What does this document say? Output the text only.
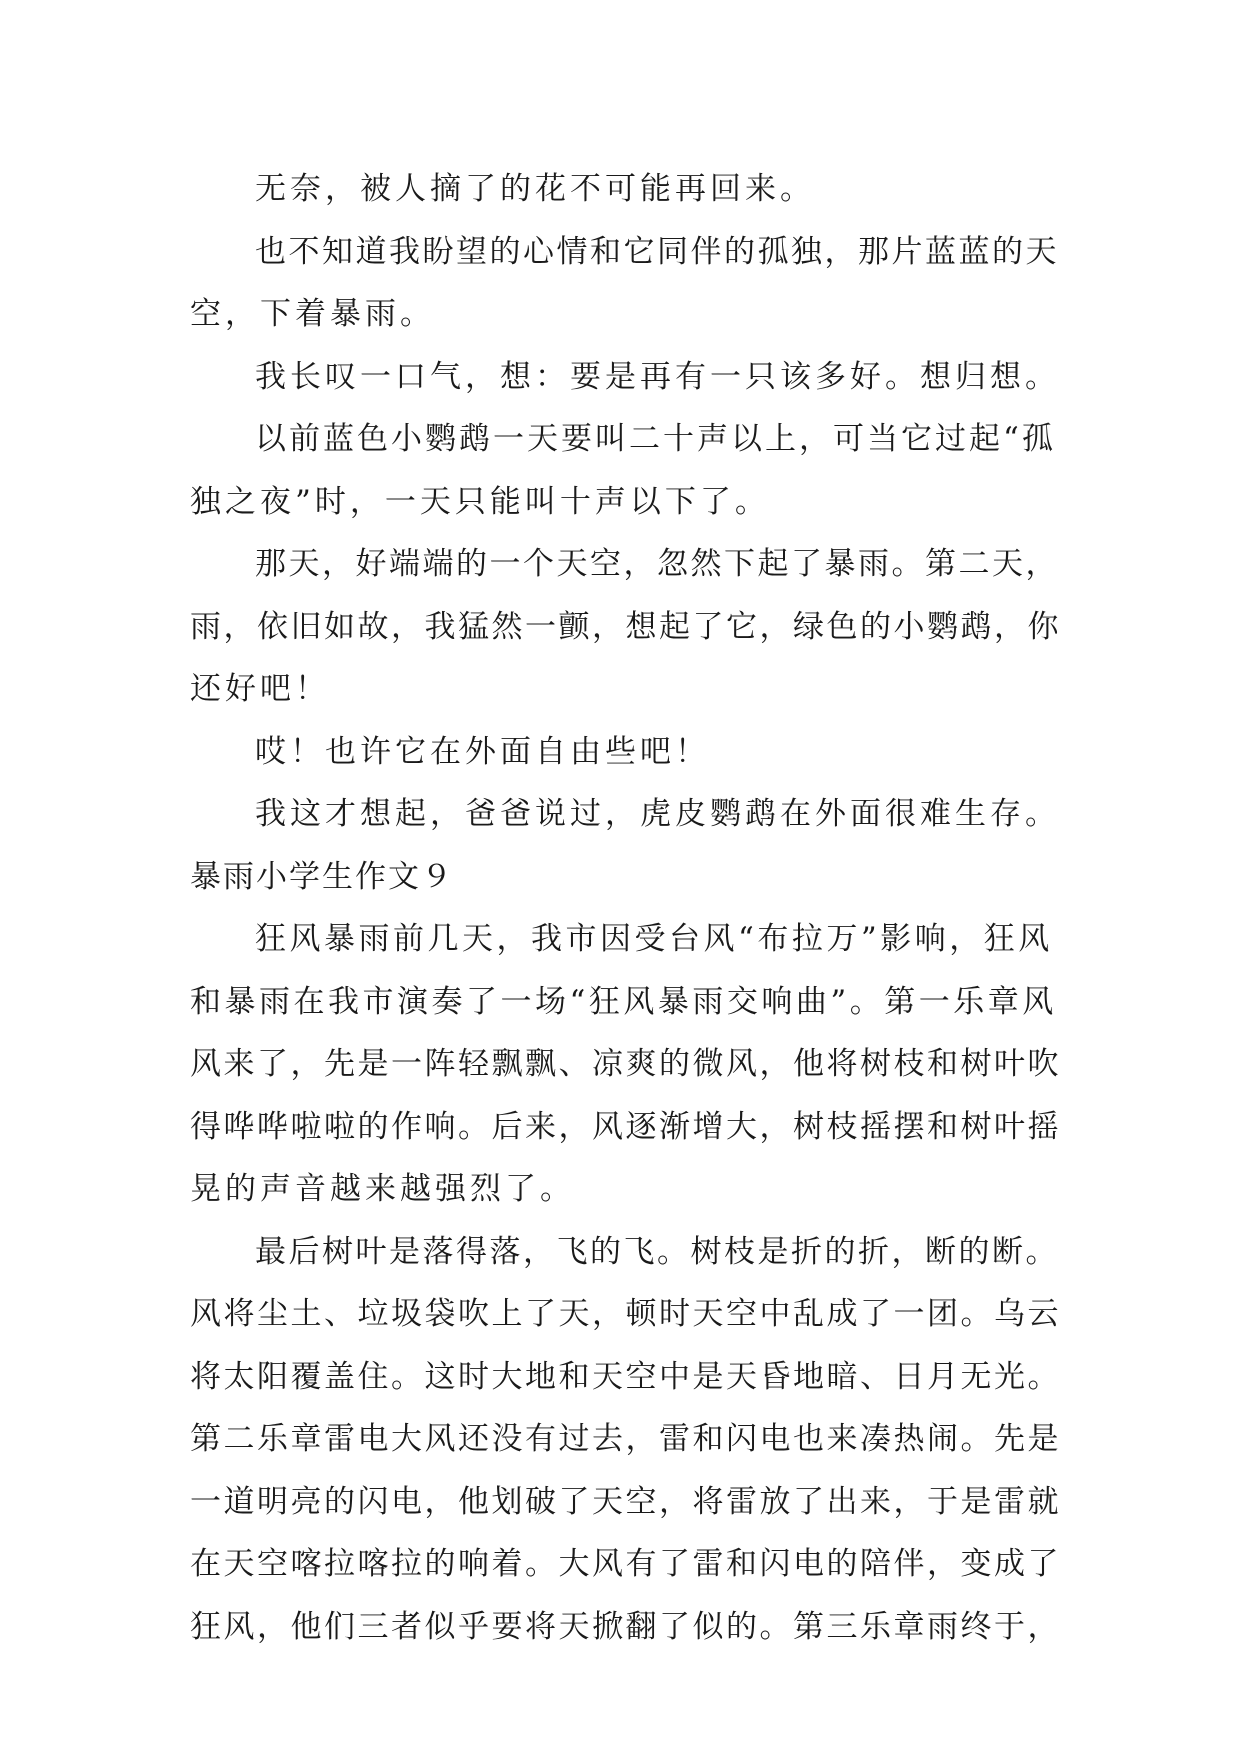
无奈，被人摘了的花不可能再回来。
也不知道我盼望的心情和它同伴的孤独，那片蓝蓝的天
空，下着暴雨。
我长叹一口气，想：要是再有一只该多好。想归想。
以前蓝色小鹦鹉一天要叫二十声以上，可当它过起“孤
独之夜”时，一天只能叫十声以下了。
那天，好端端的一个天空，忽然下起了暴雨。第二天，
雨，依旧如故，我猛然一颤，想起了它，绿色的小鹦鹉，你
还好吧！
哎！也许它在外面自由些吧！
我这才想起，爸爸说过，虎皮鹦鹉在外面很难生存。
暴雨小学生作文９
狂风暴雨前几天，我市因受台风“布拉万”影响，狂风
和暴雨在我市演奏了一场“狂风暴雨交响曲”。第一乐章风
风来了，先是一阵轻飘飘、凉爽的微风，他将树枝和树叶吹
得哗哗啦啦的作响。后来，风逐渐增大，树枝摇摆和树叶摇
晃的声音越来越强烈了。
最后树叶是落得落，飞的飞。树枝是折的折，断的断。
风将尘土、垃圾袋吹上了天，顿时天空中乱成了一团。乌云
将太阳覆盖住。这时大地和天空中是天昏地暗、日月无光。
第二乐章雷电大风还没有过去，雷和闪电也来凑热闹。先是
一道明亮的闪电，他划破了天空，将雷放了出来，于是雷就
在天空喀拉喀拉的响着。大风有了雷和闪电的陪伴，变成了
狂风，他们三者似乎要将天掀翻了似的。第三乐章雨终于，
